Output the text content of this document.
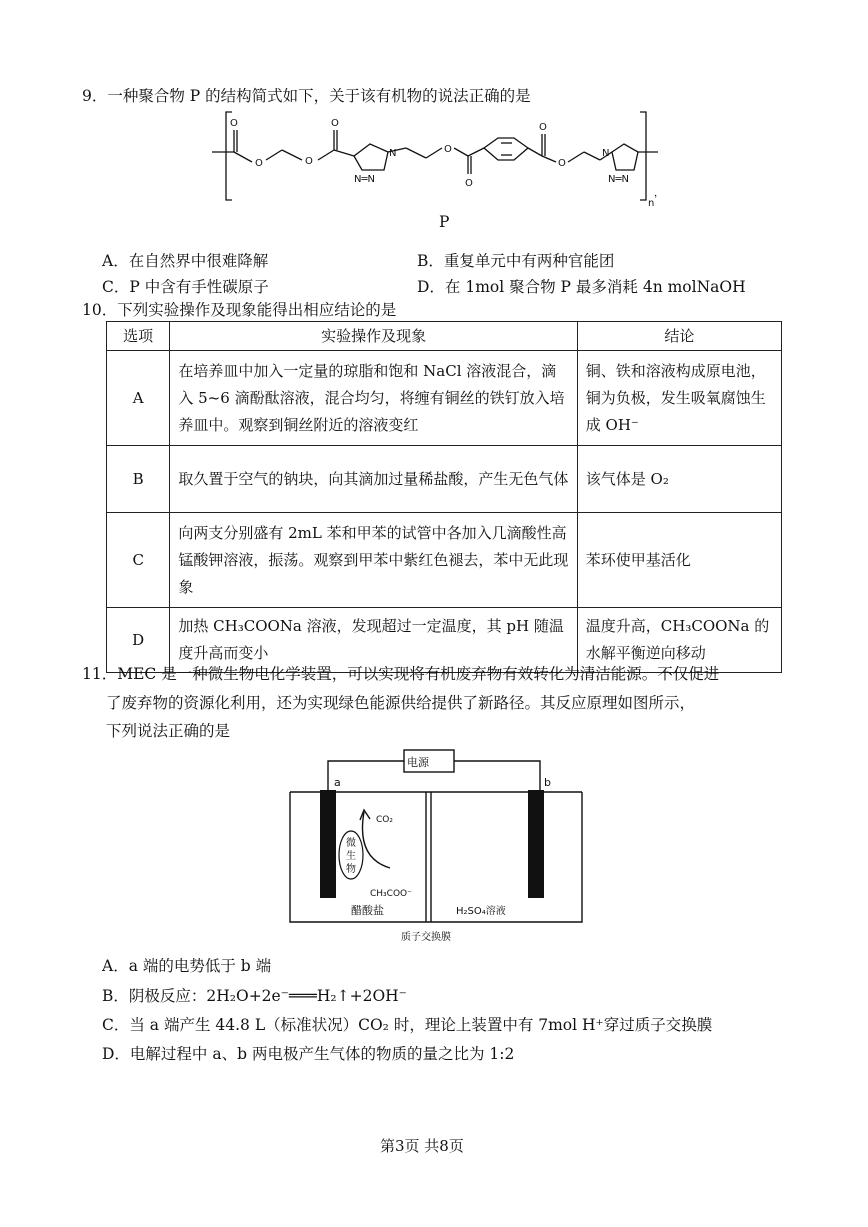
9．一种聚合物 P 的结构简式如下，关于该有机物的说法正确的是
O
O	O
O
N
N═N
O
O
O
O
N
N═N
n
，
P
A．在自然界中很难降解	B．重复单元中有两种官能团
C．P 中含有手性碳原子	D．在 1mol 聚合物 P 最多消耗 4n molNaOH
10．下列实验操作及现象能得出相应结论的是
选项	实验操作及现象	结论
A	在培养皿中加入一定量的琼脂和饱和 NaCl 溶液混合，滴入 5~6 滴酚酞溶液，混合均匀，将缠有铜丝的铁钉放入培养皿中。观察到铜丝附近的溶液变红	铜、铁和溶液构成原电池，铜为负极，发生吸氧腐蚀生成 OH⁻
B	取久置于空气的钠块，向其滴加过量稀盐酸，产生无色气体	该气体是 O₂
C	向两支分别盛有 2mL 苯和甲苯的试管中各加入几滴酸性高锰酸钾溶液，振荡。观察到甲苯中紫红色褪去，苯中无此现象	苯环使甲基活化
D	加热 CH₃COONa 溶液，发现超过一定温度，其 pH 随温度升高而变小	温度升高，CH₃COONa 的水解平衡逆向移动
11．MEC 是一种微生物电化学装置，可以实现将有机废弃物有效转化为清洁能源。不仅促进
了废弃物的资源化利用，还为实现绿色能源供给提供了新路径。其反应原理如图所示，
下列说法正确的是
电源
a	b
CO₂
微
生
物
CH₃COO⁻
醋酸盐	H₂SO₄溶液
质子交换膜
A．a 端的电势低于 b 端
B．阴极反应：2H₂O+2e⁻═══H₂↑+2OH⁻
C．当 a 端产生 44.8 L（标准状况）CO₂ 时，理论上装置中有 7mol H⁺穿过质子交换膜
D．电解过程中 a、b 两电极产生气体的物质的量之比为 1:2
第3页 共8页
